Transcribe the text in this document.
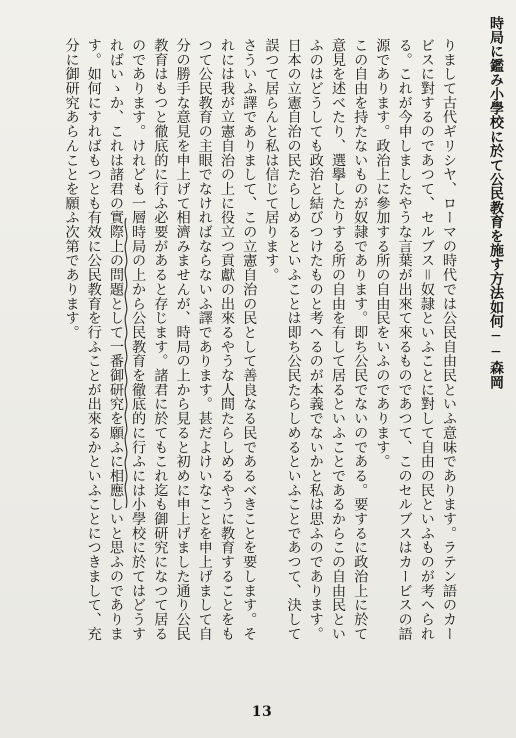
時局に鑑み小學校に於て公民教育を施す方法如何──森岡
りまして古代ギリシヤ、ローマの時代では公民自由民といふ意味であります。ラテン語のカービスに對するのであつて、セルブス＝奴隷といふことに對して自由の民といふものが考へられる。これが今申しましたやうな言葉が出來て來るものであつて、このセルブスはカービスの語源であります。政治上に參加する所の自由民をいふのであります。
この自由を持たないものが奴隷であります。即ち公民でないのである。要するに政治上に於て意見を述べたり、選擧したりする所の自由を有して居るといふことであるからこの自由民といふのはどうしても政治と結びつけたものと考へるのが本義でないかと私は思ふのであります。日本の立憲自治の民たらしめるといふことは即ち公民たらしめるといふことであつて、決して誤つて居らんと私は信じて居ります。
さういふ譯でありまして、この立憲自治の民として善良なる民であるべきことを要します。それには我が立憲自治の上に役立つ貢獻の出來るやうな人間たらしめるやうに教育することをもつて公民教育の主眼でなければならないふ譯であります。甚だよけいなことを申上げまして自分の勝手な意見を申上げて相濟みませんが、時局の上から見ると初めに申上げました通り公民教育はもつと徹底的に行ふ必要があると存じます。諸君に於てもこれ迄も御研究になつて居るのであります。けれども一層時局の上から公民教育を徹底的に行ふには小學校に於てはどうすればいゝか、これは諸君の實際上の問題として一番御研究を願ふに相應しいと思ふのであります。如何にすればもつとも有效に公民教育を行ふことが出來るかといふことにつきまして、充分に御研究あらんことを願ふ次第であります。
13
